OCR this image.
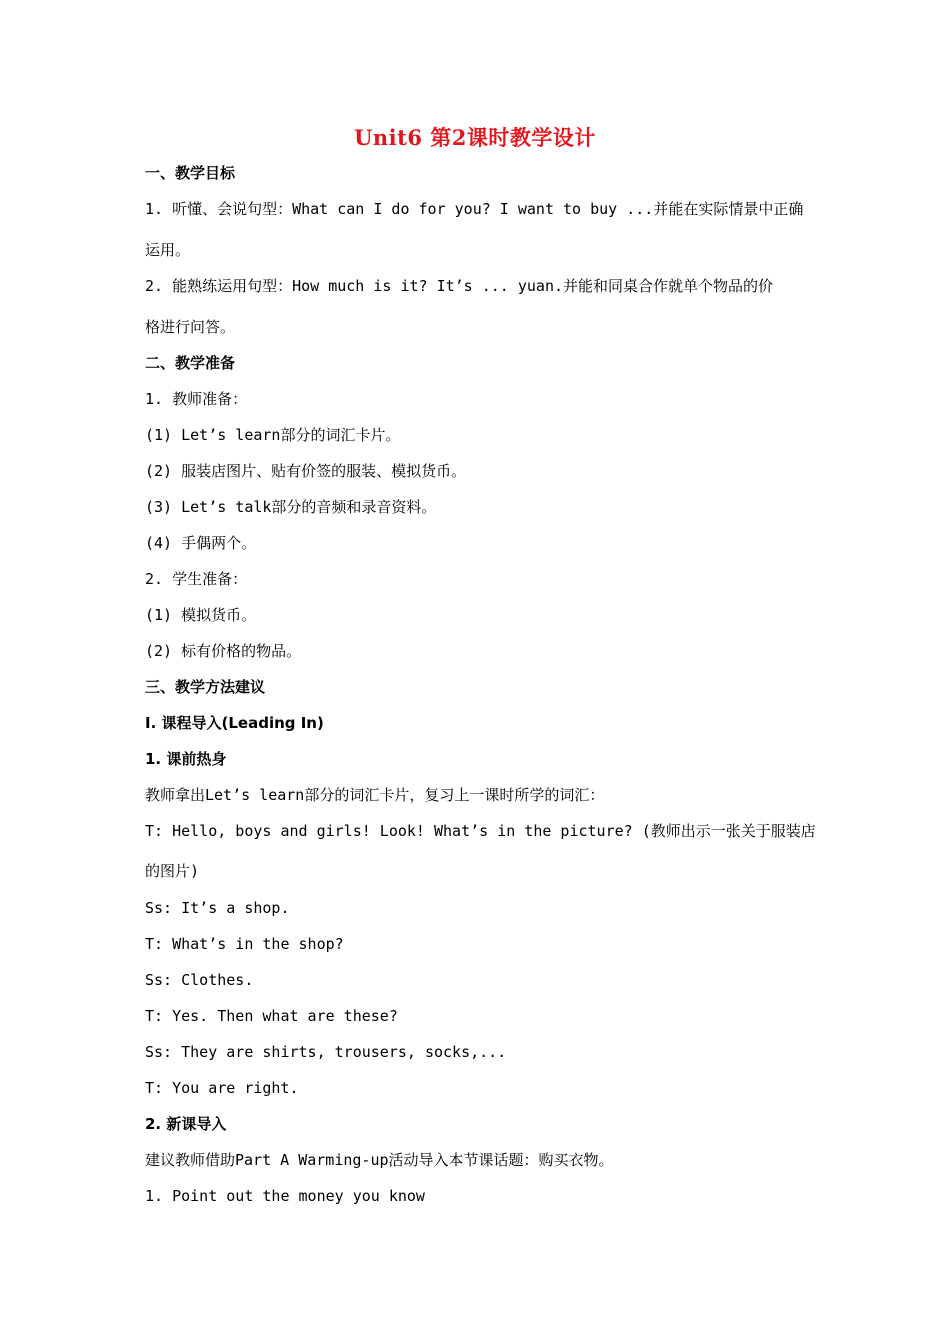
Unit6 第2课时教学设计
一、教学目标
1. 听懂、会说句型：What can I do for you? I want to buy ...并能在实际情景中正确
运用。
2. 能熟练运用句型：How much is it? It’s ... yuan.并能和同桌合作就单个物品的价
格进行问答。
二、教学准备
1. 教师准备：
(1) Let’s learn部分的词汇卡片。
(2) 服装店图片、贴有价签的服装、模拟货币。
(3) Let’s talk部分的音频和录音资料。
(4) 手偶两个。
2. 学生准备：
(1) 模拟货币。
(2) 标有价格的物品。
三、教学方法建议
I. 课程导入(Leading In)
1. 课前热身
教师拿出Let’s learn部分的词汇卡片，复习上一课时所学的词汇：
T: Hello, boys and girls! Look! What’s in the picture? (教师出示一张关于服装店
的图片)
Ss: It’s a shop.
T: What’s in the shop?
Ss: Clothes.
T: Yes. Then what are these?
Ss: They are shirts, trousers, socks,...
T: You are right.
2. 新课导入
建议教师借助Part A Warming-up活动导入本节课话题：购买衣物。
1. Point out the money you know
